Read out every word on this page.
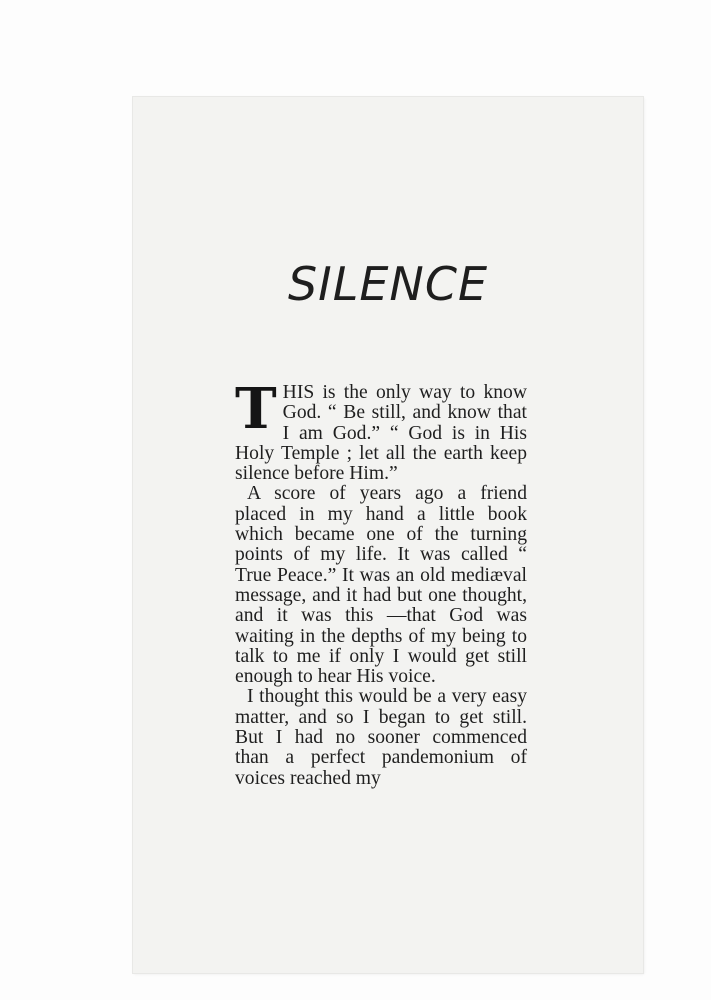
SILENCE

THIS is the only way to know God. “ Be still, and know that I am God.” “ God is in His Holy Temple ; let all the earth keep silence before Him.”

A score of years ago a friend placed in my hand a little book which became one of the turning points of my life. It was called “ True Peace.” It was an old mediæval message, and it had but one thought, and it was this —that God was waiting in the depths of my being to talk to me if only I would get still enough to hear His voice.

I thought this would be a very easy matter, and so I began to get still. But I had no sooner commenced than a perfect pandemonium of voices reached my
